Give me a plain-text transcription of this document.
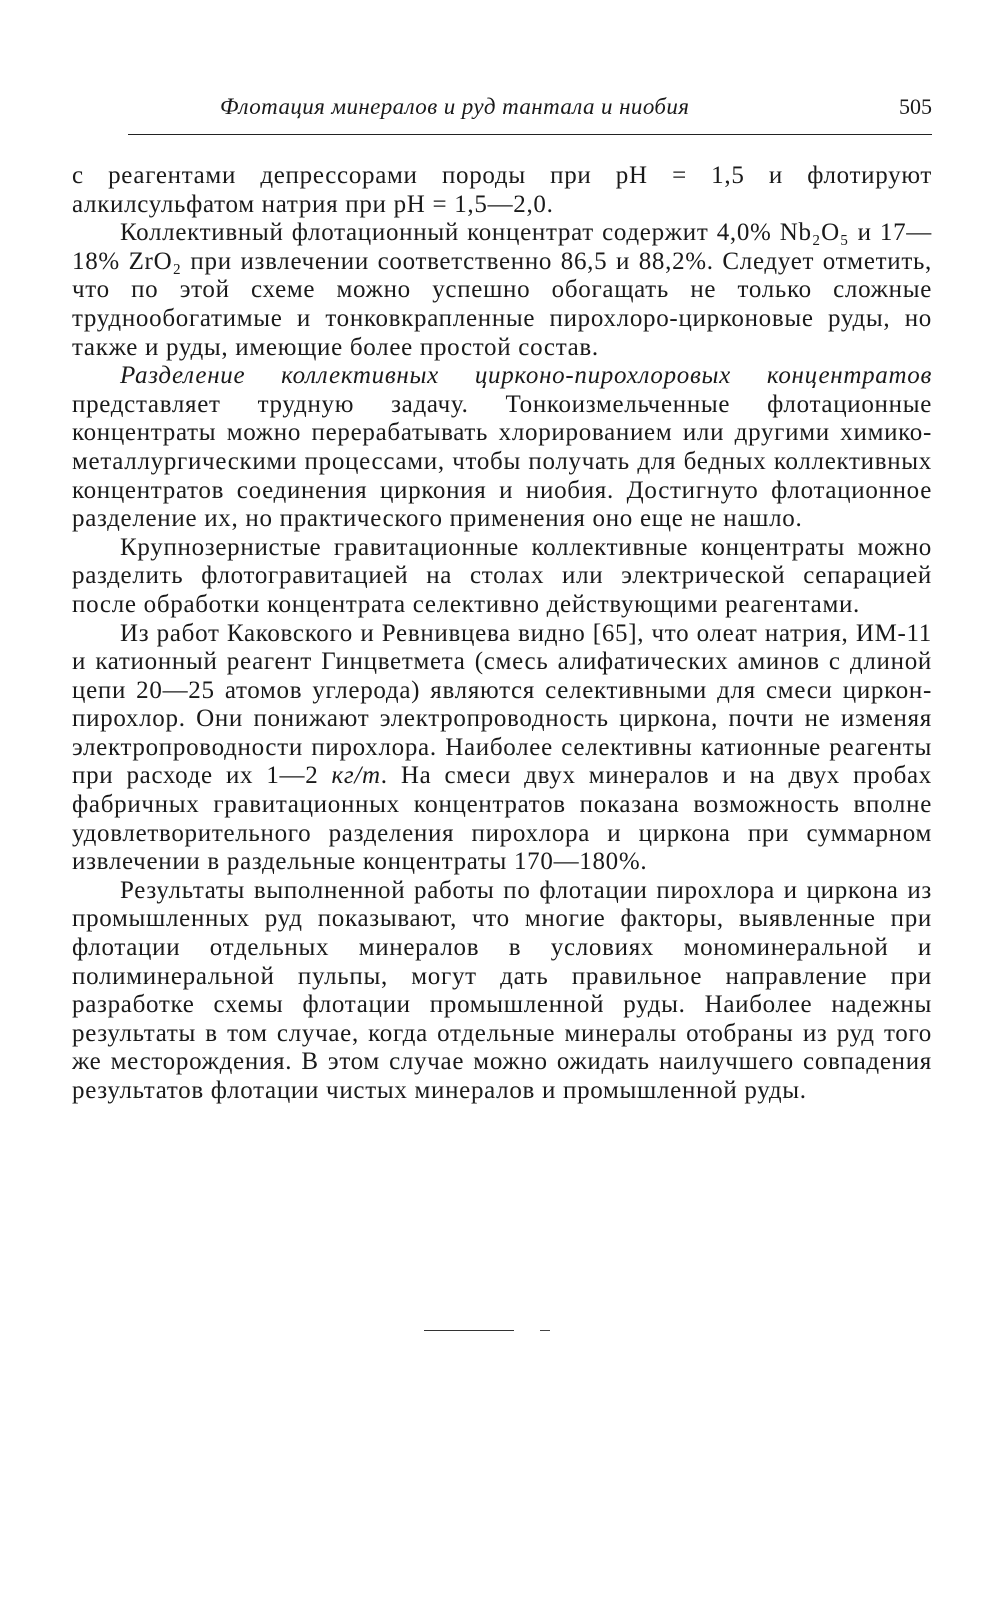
Флотация минералов и руд тантала и ниобия	505

с реагентами депрессорами породы при pH = 1,5 и флотируют алкилсульфатом натрия при pH = 1,5—2,0.

Коллективный флотационный концентрат содержит 4,0% Nb₂O₅ и 17—18% ZrO₂ при извлечении соответственно 86,5 и 88,2%. Следует отметить, что по этой схеме можно успешно обогащать не только сложные труднообогатимые и тонковкрапленные пирохлоро-цирконовые руды, но также и руды, имеющие более простой состав.

Разделение коллективных цирконо-пирохлоровых концентратов представляет трудную задачу. Тонкоизмельченные флотационные концентраты можно перерабатывать хлорированием или другими химико-металлургическими процессами, чтобы получать для бедных коллективных концентратов соединения циркония и ниобия. Достигнуто флотационное разделение их, но практического применения оно еще не нашло.

Крупнозернистые гравитационные коллективные концентраты можно разделить флотогравитацией на столах или электрической сепарацией после обработки концентрата селективно действующими реагентами.

Из работ Каковского и Ревнивцева видно [65], что олеат натрия, ИМ-11 и катионный реагент Гинцветмета (смесь алифатических аминов с длиной цепи 20—25 атомов углерода) являются селективными для смеси циркон-пирохлор. Они понижают электропроводность циркона, почти не изменяя электропроводности пирохлора. Наиболее селективны катионные реагенты при расходе их 1—2 кг/т. На смеси двух минералов и на двух пробах фабричных гравитационных концентратов показана возможность вполне удовлетворительного разделения пирохлора и циркона при суммарном извлечении в раздельные концентраты 170—180%.

Результаты выполненной работы по флотации пирохлора и циркона из промышленных руд показывают, что многие факторы, выявленные при флотации отдельных минералов в условиях мономинеральной и полиминеральной пульпы, могут дать правильное направление при разработке схемы флотации промышленной руды. Наиболее надежны результаты в том случае, когда отдельные минералы отобраны из руд того же месторождения. В этом случае можно ожидать наилучшего совпадения результатов флотации чистых минералов и промышленной руды.
